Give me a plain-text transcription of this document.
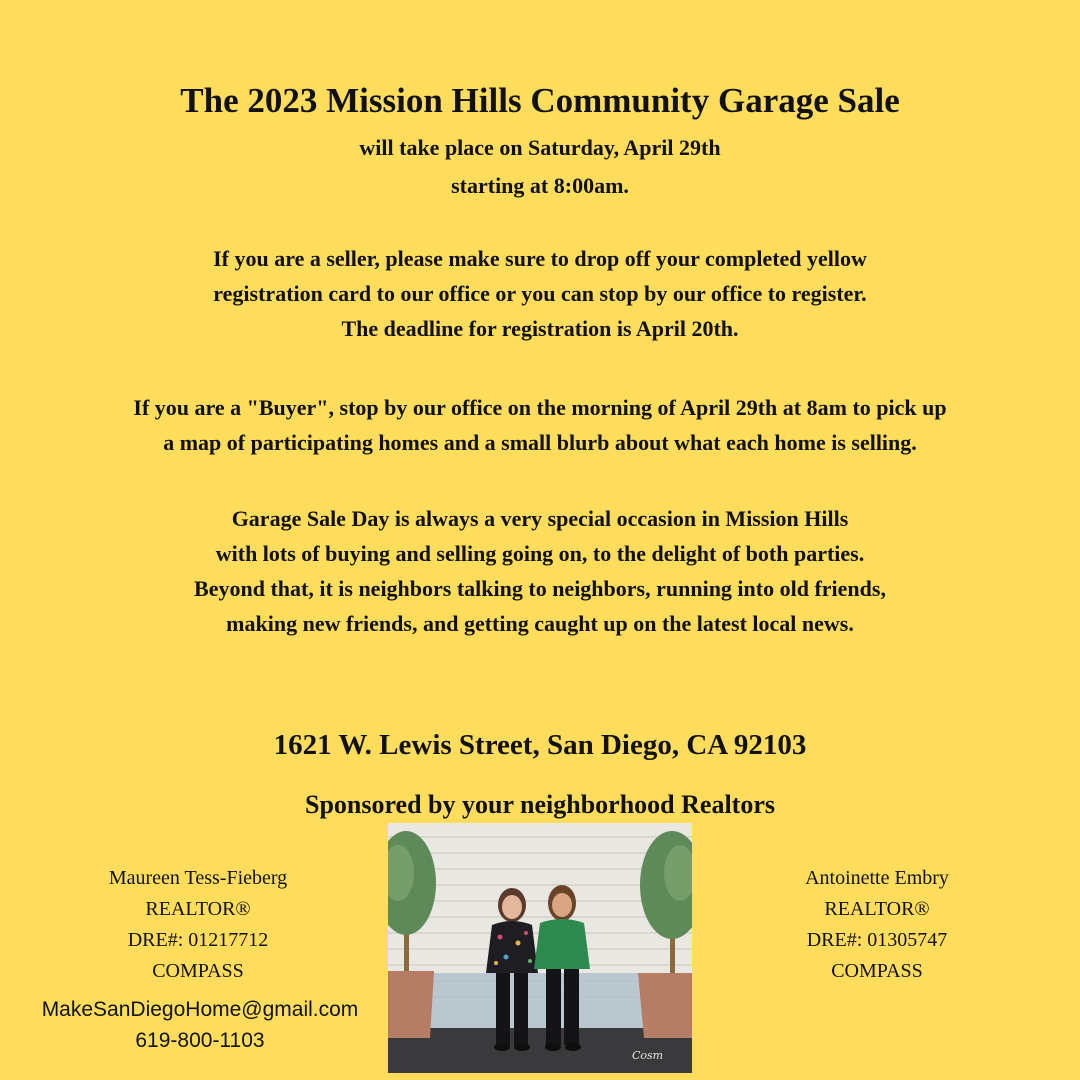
The 2023 Mission Hills Community Garage Sale
will take place on Saturday, April 29th
starting at 8:00am.
If you are a seller, please make sure to drop off your completed yellow
registration card to our office or you can stop by our office to register.
The deadline for registration is April 20th.
If you are a "Buyer", stop by our office on the morning of April 29th at 8am to pick up
a map of participating homes and a small blurb about what each home is selling.
Garage Sale Day is always a very special occasion in Mission Hills
with lots of buying and selling going on, to the delight of both parties.
Beyond that, it is neighbors talking to neighbors, running into old friends,
making new friends, and getting caught up on the latest local news.
1621 W. Lewis Street, San Diego, CA 92103
Sponsored by your neighborhood Realtors
Maureen Tess-Fieberg
REALTOR®
DRE#: 01217712
COMPASS
Antoinette Embry
REALTOR®
DRE#: 01305747
COMPASS
MakeSanDiegoHome@gmail.com
619-800-1103
Cosm
